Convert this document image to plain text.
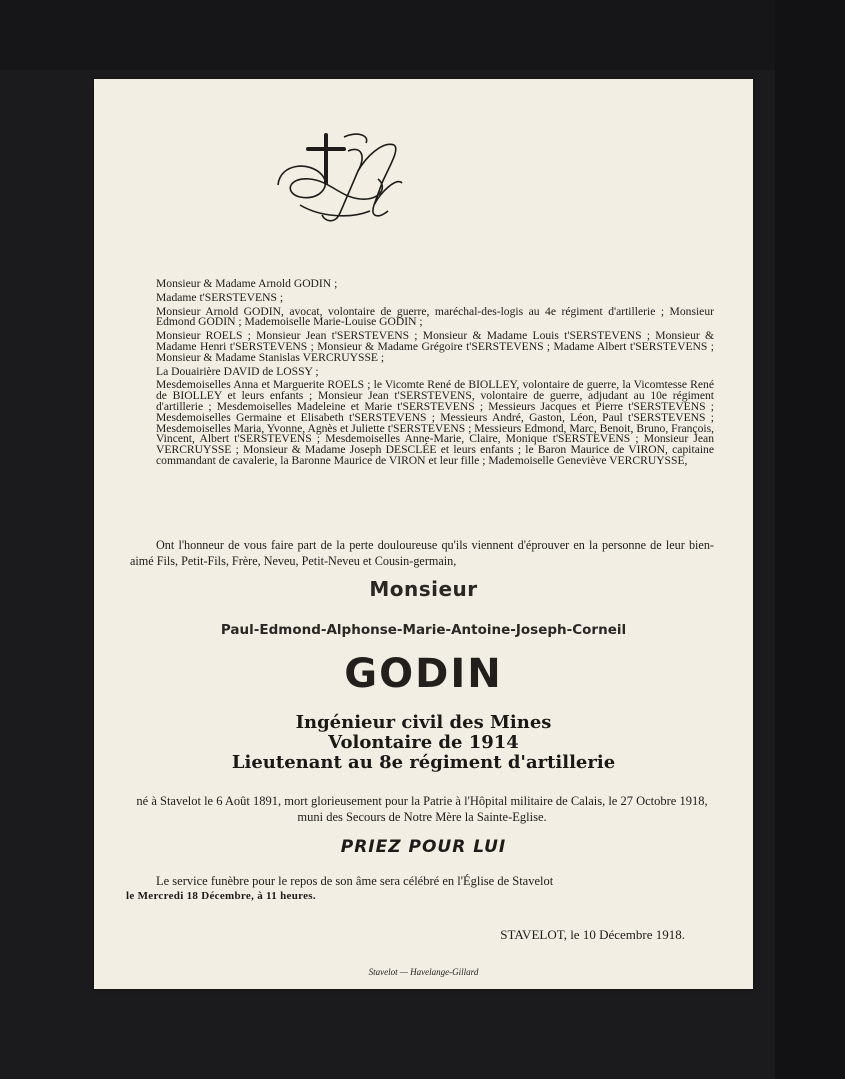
Monsieur & Madame Arnold GODIN ;

Madame t'SERSTEVENS ;

Monsieur Arnold GODIN, avocat, volontaire de guerre, maréchal-des-logis au 4e régiment d'artillerie ; Monsieur Edmond GODIN ; Mademoiselle Marie-Louise GODIN ;

Monsieur ROELS ; Monsieur Jean t'SERSTEVENS ; Monsieur & Madame Louis t'SERSTEVENS ; Monsieur & Madame Henri t'SERSTEVENS ; Monsieur & Madame Grégoire t'SERSTEVENS ; Madame Albert t'SERSTEVENS ; Monsieur & Madame Stanislas VERCRUYSSE ;

La Douairière DAVID de LOSSY ;

Mesdemoiselles Anna et Marguerite ROELS ; le Vicomte René de BIOLLEY, volontaire de guerre, la Vicomtesse René de BIOLLEY et leurs enfants ; Monsieur Jean t'SERSTEVENS, volontaire de guerre, adjudant au 10e régiment d'artillerie ; Mesdemoiselles Madeleine et Marie t'SERSTEVENS ; Messieurs Jacques et Pierre t'SERSTEVENS ; Mesdemoiselles Germaine et Elisabeth t'SERSTEVENS ; Messieurs André, Gaston, Léon, Paul t'SERSTEVENS ; Mesdemoiselles Maria, Yvonne, Agnès et Juliette t'SERSTEVENS ; Messieurs Edmond, Marc, Benoit, Bruno, François, Vincent, Albert t'SERSTEVENS ; Mesdemoiselles Anne-Marie, Claire, Monique t'SERSTEVENS ; Monsieur Jean VERCRUYSSE ; Monsieur & Madame Joseph DESCLÉE et leurs enfants ; le Baron Maurice de VIRON, capitaine commandant de cavalerie, la Baronne Maurice de VIRON et leur fille ; Mademoiselle Geneviève VERCRUYSSE,

Ont l'honneur de vous faire part de la perte douloureuse qu'ils viennent d'éprouver en la personne de leur bien-aimé Fils, Petit-Fils, Frère, Neveu, Petit-Neveu et Cousin-germain,

Monsieur
Paul-Edmond-Alphonse-Marie-Antoine-Joseph-Corneil
GODIN
Ingénieur civil des Mines
Volontaire de 1914
Lieutenant au 8e régiment d'artillerie

né à Stavelot le 6 Août 1891, mort glorieusement pour la Patrie à l'Hôpital militaire de Calais, le 27 Octobre 1918, muni des Secours de Notre Mère la Sainte-Eglise.

PRIEZ POUR LUI

Le service funèbre pour le repos de son âme sera célébré en l'Église de Stavelot

le Mercredi 18 Décembre, à 11 heures.
STAVELOT, le 10 Décembre 1918.
Stavelot — Havelange-Gillard
